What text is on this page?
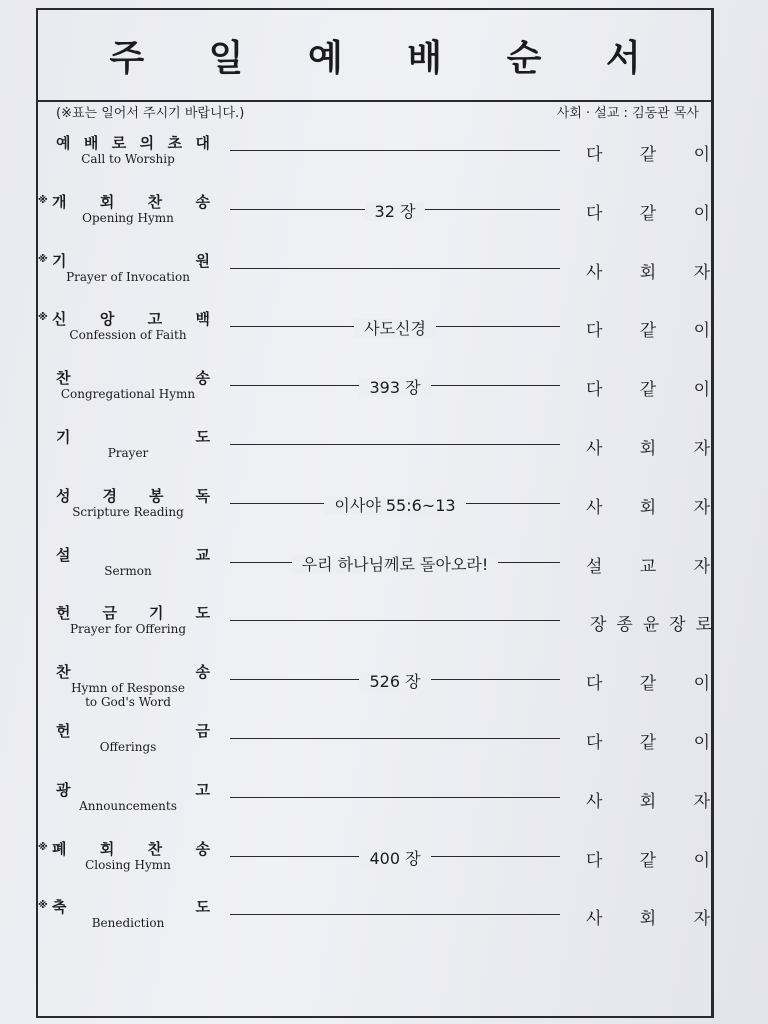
주 일 예 배 순 서
(※표는 일어서 주시기 바랍니다.)	사회 · 설교 : 김동관 목사
예 배 로 의 초 대
Call to Worship	다 같 이
※ 개 회 찬 송
Opening Hymn	32 장	다 같 이
※ 기	원
Prayer of Invocation	사 회 자
※ 신 앙 고 백
Confession of Faith	사도신경	다 같 이
찬	송
Congregational Hymn	393 장	다 같 이
기	도
Prayer	사 회 자
성 경 봉 독
Scripture Reading	이사야 55:6~13	사 회 자
설	교
Sermon	우리 하나님께로 돌아오라!	설 교 자
헌 금 기 도
Prayer for Offering	장 종 윤 장 로
찬	송
Hymn of Response
to God's Word
526 장	다 같 이
헌	금
Offerings	다 같 이
광	고
Announcements	사 회 자
※ 폐 회 찬 송
Closing Hymn	400 장	다 같 이
※ 축	도
Benediction	사 회 자
